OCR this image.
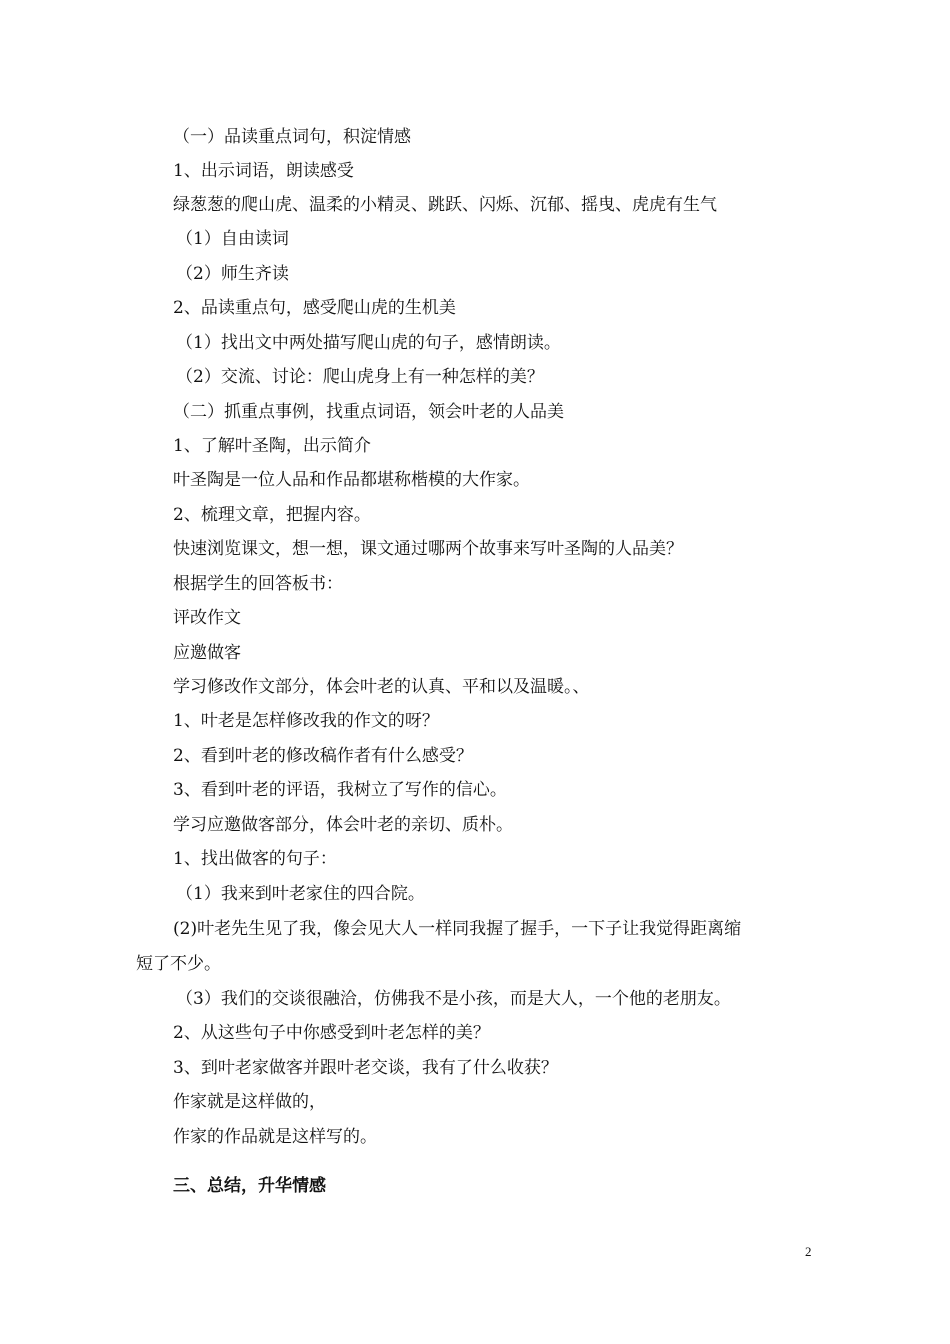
（一）品读重点词句，积淀情感
1、出示词语，朗读感受
绿葱葱的爬山虎、温柔的小精灵、跳跃、闪烁、沉郁、摇曳、虎虎有生气
（1）自由读词
（2）师生齐读
2、品读重点句，感受爬山虎的生机美
（1）找出文中两处描写爬山虎的句子，感情朗读。
（2）交流、讨论：爬山虎身上有一种怎样的美？
（二）抓重点事例，找重点词语，领会叶老的人品美
1、了解叶圣陶，出示简介
叶圣陶是一位人品和作品都堪称楷模的大作家。
2、梳理文章，把握内容。
快速浏览课文，想一想，课文通过哪两个故事来写叶圣陶的人品美？
根据学生的回答板书：
评改作文
应邀做客
学习修改作文部分，体会叶老的认真、平和以及温暖。、
1、叶老是怎样修改我的作文的呀？
2、看到叶老的修改稿作者有什么感受？
3、看到叶老的评语，我树立了写作的信心。
学习应邀做客部分，体会叶老的亲切、质朴。
1、找出做客的句子：
（1）我来到叶老家住的四合院。
(2)叶老先生见了我，像会见大人一样同我握了握手，一下子让我觉得距离缩
短了不少。
（3）我们的交谈很融洽，仿佛我不是小孩，而是大人，一个他的老朋友。
2、从这些句子中你感受到叶老怎样的美？
3、到叶老家做客并跟叶老交谈，我有了什么收获？
作家就是这样做的，
作家的作品就是这样写的。
三、总结，升华情感
2
